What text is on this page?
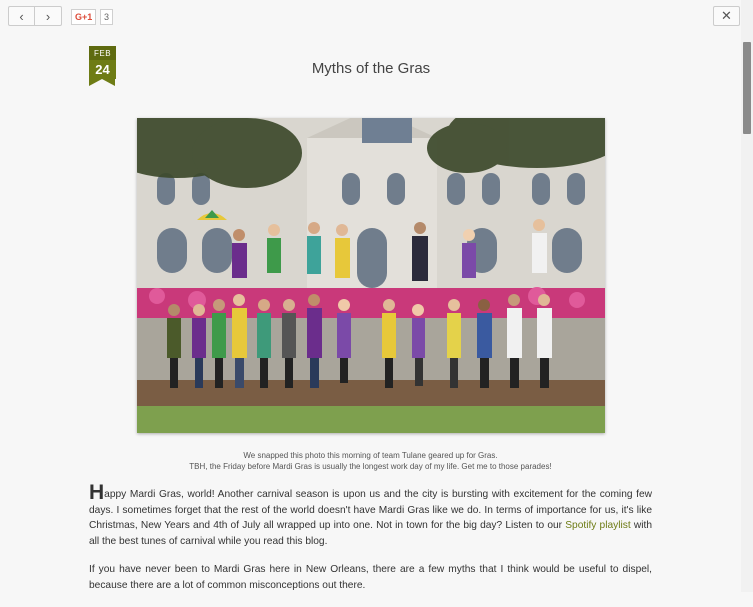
‹ ›	G+1	3	✕
FEB
24	Myths of the Gras
We snapped this photo this morning of team Tulane geared up for Gras.
TBH, the Friday before Mardi Gras is usually the longest work day of my life. Get me to those parades!

Happy Mardi Gras, world! Another carnival season is upon us and the city is bursting with excitement for the coming few days. I sometimes forget that the rest of the world doesn't have Mardi Gras like we do. In terms of importance for us, it's like Christmas, New Years and 4th of July all wrapped up into one. Not in town for the big day? Listen to our Spotify playlist with all the best tunes of carnival while you read this blog.

If you have never been to Mardi Gras here in New Orleans, there are a few myths that I think would be useful to dispel, because there are a lot of common misconceptions out there.
